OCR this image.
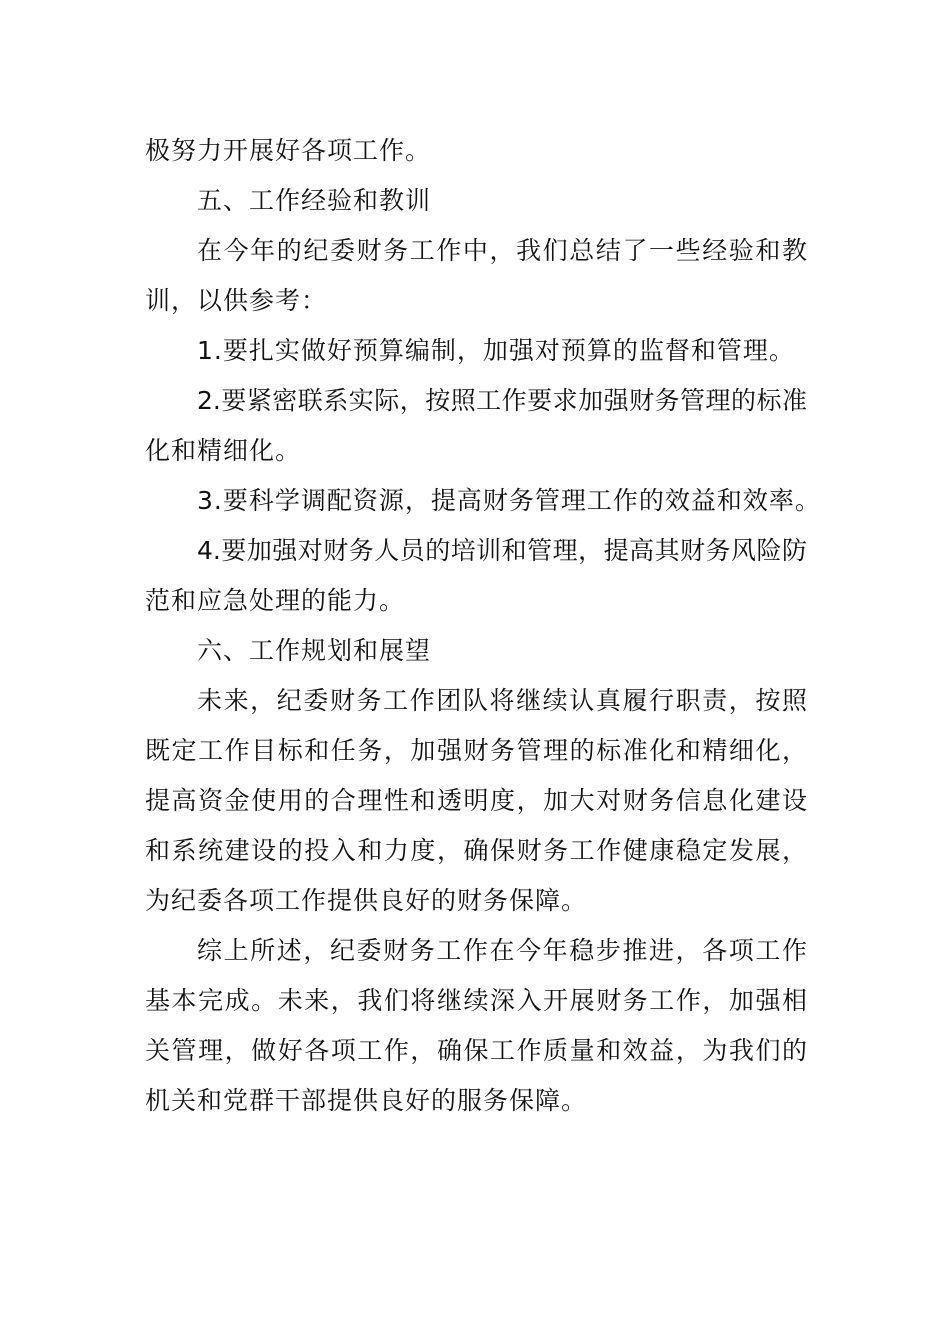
极努力开展好各项工作。
五、工作经验和教训
在今年的纪委财务工作中，我们总结了一些经验和教
训，以供参考：
1.要扎实做好预算编制，加强对预算的监督和管理。
2.要紧密联系实际，按照工作要求加强财务管理的标准
化和精细化。
3.要科学调配资源，提高财务管理工作的效益和效率。
4.要加强对财务人员的培训和管理，提高其财务风险防
范和应急处理的能力。
六、工作规划和展望
未来，纪委财务工作团队将继续认真履行职责，按照
既定工作目标和任务，加强财务管理的标准化和精细化，
提高资金使用的合理性和透明度，加大对财务信息化建设
和系统建设的投入和力度，确保财务工作健康稳定发展，
为纪委各项工作提供良好的财务保障。
综上所述，纪委财务工作在今年稳步推进，各项工作
基本完成。未来，我们将继续深入开展财务工作，加强相
关管理，做好各项工作，确保工作质量和效益，为我们的
机关和党群干部提供良好的服务保障。
